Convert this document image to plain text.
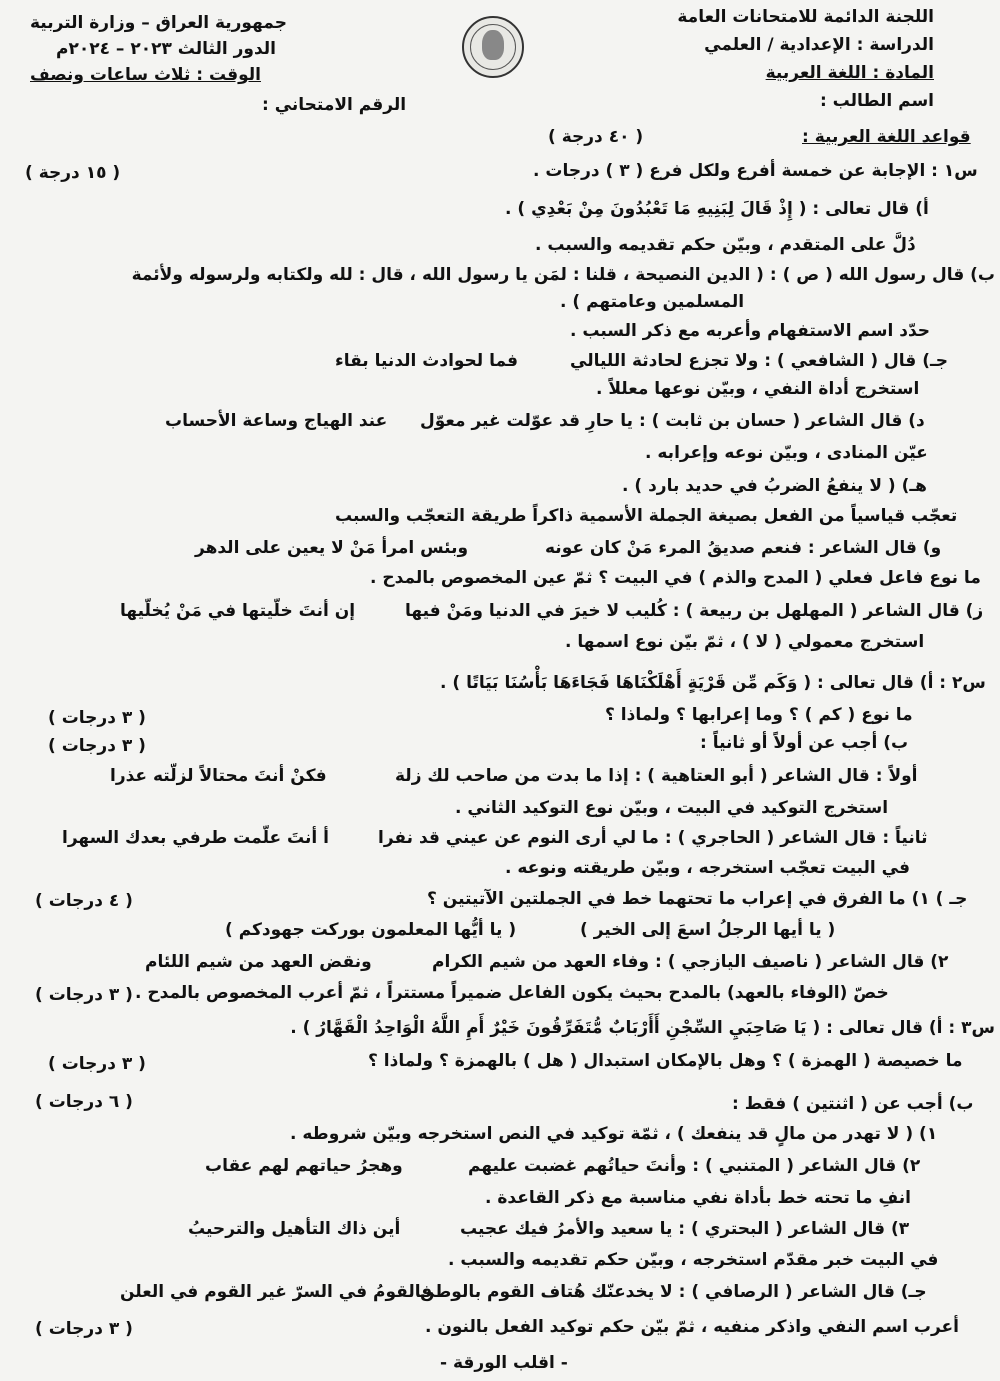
اللجنة الدائمة للامتحانات العامة
الدراسة : الإعدادية / العلمي
المادة : اللغة العربية
اسم الطالب :
جمهورية العراق – وزارة التربية
الدور الثالث ٢٠٢٣ – ٢٠٢٤م
الوقت : ثلاث ساعات ونصف
الرقم الامتحاني :
قواعد اللغة العربية :
( ٤٠ درجة )
س١ : الإجابة عن خمسة أفرع ولكل فرع ( ٣ ) درجات .
( ١٥ درجة )
أ) قال تعالى : ( إِذْ قَالَ لِبَنِيهِ مَا تَعْبُدُونَ مِنْ بَعْدِي ) .
دُلَّ على المتقدم ، وبيّن حكم تقديمه والسبب .
ب) قال رسول الله ( ص ) : ( الدين النصيحة ، قلنا : لمَن يا رسول الله ، قال : لله ولكتابه ولرسوله ولأئمة
المسلمين وعامتهم ) .
حدّد اسم الاستفهام وأعربه مع ذكر السبب .
جـ) قال ( الشافعي ) : ولا تجزع لحادثة الليالي
فما لحوادث الدنيا بقاء
استخرج أداة النفي ، وبيّن نوعها معللاً .
د) قال الشاعر ( حسان بن ثابت ) : يا حارِ قد عوّلت غير معوّل
عند الهياج وساعة الأحساب
عيّن المنادى ، وبيّن نوعه وإعرابه .
هـ) ( لا ينفعُ الضربُ في حديد بارد ) .
تعجّب قياسياً من الفعل بصيغة الجملة الأسمية ذاكراً طريقة التعجّب والسبب
و) قال الشاعر : فنعم صديقُ المرء مَنْ كان عونه
وبئس امرأ مَنْ لا يعين على الدهر
ما نوع فاعل فعلي ( المدح والذم ) في البيت ؟ ثمّ عين المخصوص بالمدح .
ز) قال الشاعر ( المهلهل بن ربيعة ) : كُليب لا خيرَ في الدنيا ومَنْ فيها
إن أنتَ خلّيتها في مَنْ يُخلّيها
استخرج معمولي ( لا ) ، ثمّ بيّن نوع اسمها .
س٢ : أ) قال تعالى : ( وَكَم مِّن قَرْيَةٍ أَهْلَكْنَاهَا فَجَاءَهَا بَأْسُنَا بَيَاتًا ) .
ما نوع ( كم ) ؟ وما إعرابها ؟ ولماذا ؟
( ٣ درجات )
ب) أجب عن أولاً أو ثانياً :
( ٣ درجات )
أولاً : قال الشاعر ( أبو العتاهية ) : إذا ما بدت من صاحب لك زلة
فكنْ أنتَ محتالاً لزلّته عذرا
استخرج التوكيد في البيت ، وبيّن نوع التوكيد الثاني .
ثانياً : قال الشاعر ( الحاجري ) : ما لي أرى النوم عن عيني قد نفرا
أ أنتَ علّمت طرفي بعدك السهرا
في البيت تعجّب استخرجه ، وبيّن طريقته ونوعه .
جـ ) ١) ما الفرق في إعراب ما تحتهما خط في الجملتين الآتيتين ؟
( ٤ درجات )
( يا أيها الرجلُ اسعَ إلى الخير )
( يا أيُّها المعلمون بوركت جهودكم )
٢) قال الشاعر ( ناصيف اليازجي ) : وفاء العهد من شيم الكرام
ونقض العهد من شيم اللئام
خصّ (الوفاء بالعهد) بالمدح بحيث يكون الفاعل ضميراً مستتراً ، ثمّ أعرب المخصوص بالمدح .
( ٣ درجات )
س٣ : أ) قال تعالى : ( يَا صَاحِبَيِ السِّجْنِ أَأَرْبَابٌ مُّتَفَرِّقُونَ خَيْرٌ أَمِ اللَّهُ الْوَاحِدُ الْقَهَّارُ ) .
ما خصيصة ( الهمزة ) ؟ وهل بالإمكان استبدال ( هل ) بالهمزة ؟ ولماذا ؟
( ٣ درجات )
ب) أجب عن ( اثنتين ) فقط :
( ٦ درجات )
١) ( لا تهدر من مالٍ قد ينفعك ) ، ثمّة توكيد في النص استخرجه وبيّن شروطه .
٢) قال الشاعر ( المتنبي ) : وأنتَ حياتُهم غضبت عليهم
وهجرُ حياتهم لهم عقاب
انفِ ما تحته خط بأداة نفي مناسبة مع ذكر القاعدة .
٣) قال الشاعر ( البحتري ) : يا سعيد والأمرُ فيك عجيب
أين ذاك التأهيل والترحيبُ
في البيت خبر مقدّم استخرجه ، وبيّن حكم تقديمه والسبب .
جـ) قال الشاعر ( الرصافي ) : لا يخدعنّك هُتاف القوم بالوطن
فالقومُ في السرّ غير القوم في العلن
أعرب اسم النفي واذكر منفيه ، ثمّ بيّن حكم توكيد الفعل بالنون .
( ٣ درجات )
- اقلب الورقة -
